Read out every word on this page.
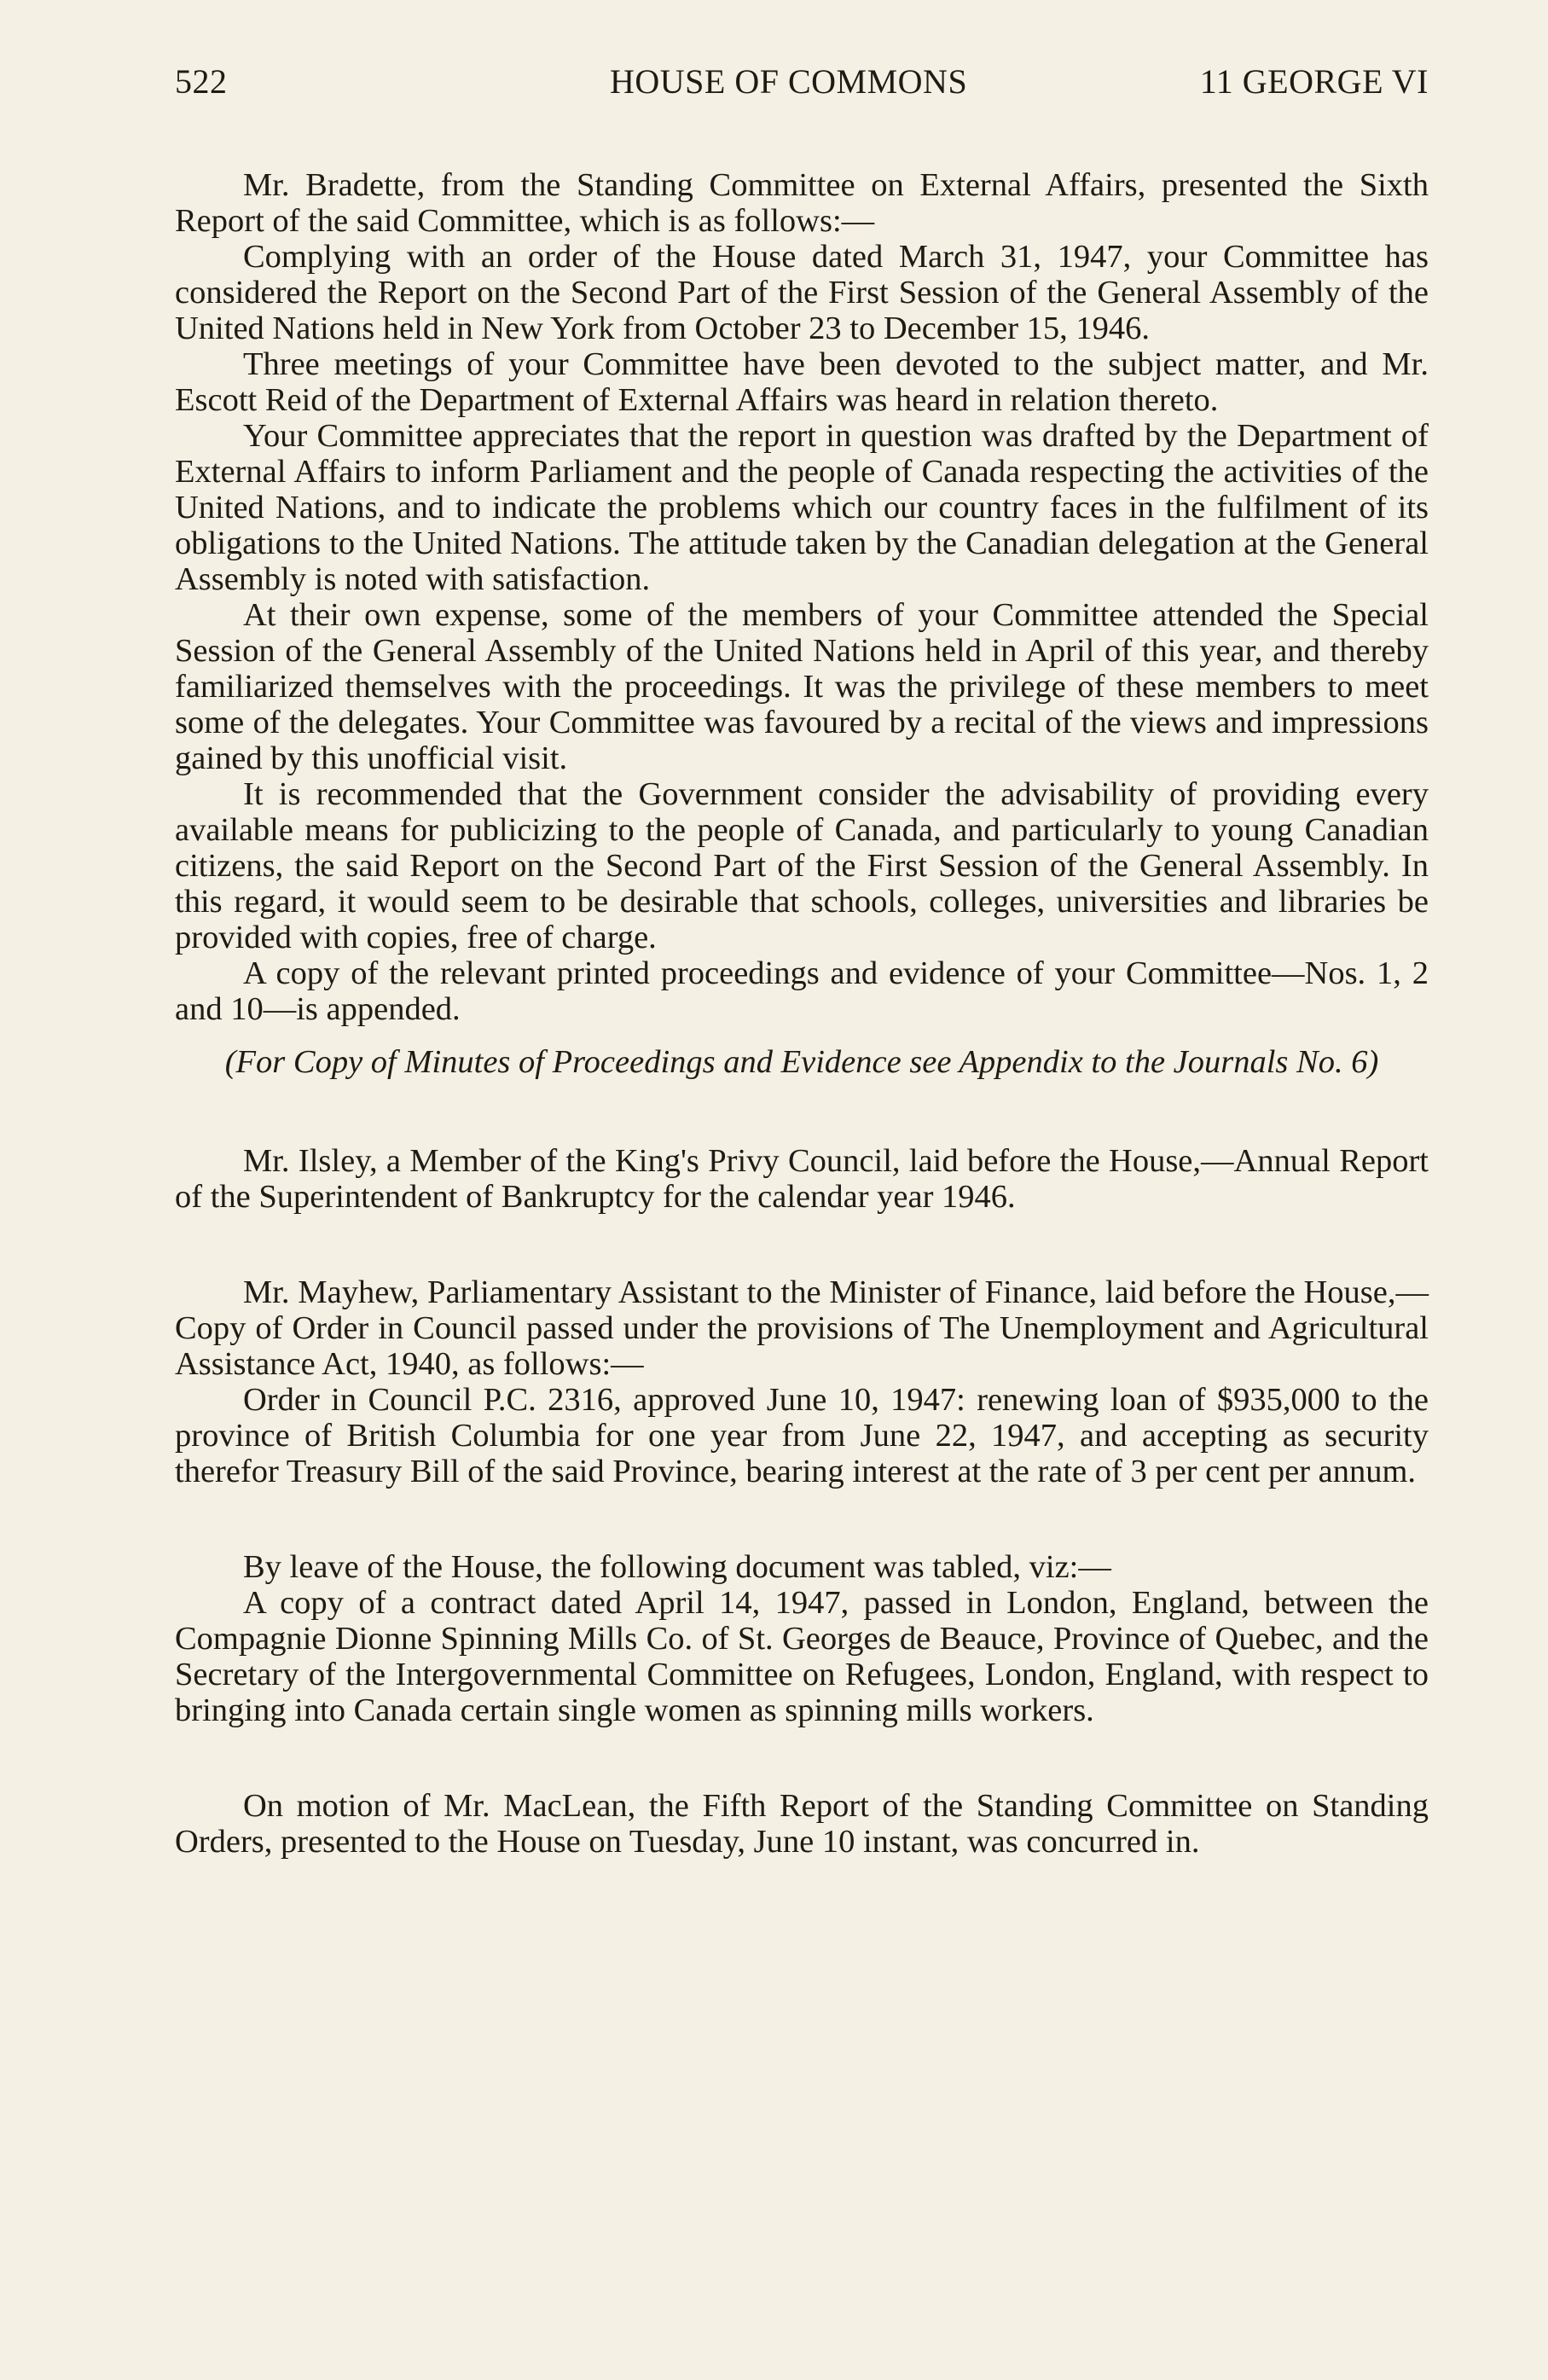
522	HOUSE OF COMMONS	11 GEORGE VI

Mr. Bradette, from the Standing Committee on External Affairs, presented the Sixth Report of the said Committee, which is as follows:—

Complying with an order of the House dated March 31, 1947, your Committee has considered the Report on the Second Part of the First Session of the General Assembly of the United Nations held in New York from October 23 to December 15, 1946.

Three meetings of your Committee have been devoted to the subject matter, and Mr. Escott Reid of the Department of External Affairs was heard in relation thereto.

Your Committee appreciates that the report in question was drafted by the Department of External Affairs to inform Parliament and the people of Canada respecting the activities of the United Nations, and to indicate the problems which our country faces in the fulfilment of its obligations to the United Nations. The attitude taken by the Canadian delegation at the General Assembly is noted with satisfaction.

At their own expense, some of the members of your Committee attended the Special Session of the General Assembly of the United Nations held in April of this year, and thereby familiarized themselves with the proceedings. It was the privilege of these members to meet some of the delegates. Your Committee was favoured by a recital of the views and impressions gained by this unofficial visit.

It is recommended that the Government consider the advisability of providing every available means for publicizing to the people of Canada, and particularly to young Canadian citizens, the said Report on the Second Part of the First Session of the General Assembly. In this regard, it would seem to be desirable that schools, colleges, universities and libraries be provided with copies, free of charge.

A copy of the relevant printed proceedings and evidence of your Committee—Nos. 1, 2 and 10—is appended.

(For Copy of Minutes of Proceedings and Evidence see Appendix to the Journals No. 6)

Mr. Ilsley, a Member of the King's Privy Council, laid before the House,—Annual Report of the Superintendent of Bankruptcy for the calendar year 1946.

Mr. Mayhew, Parliamentary Assistant to the Minister of Finance, laid before the House,—Copy of Order in Council passed under the provisions of The Unemployment and Agricultural Assistance Act, 1940, as follows:—

Order in Council P.C. 2316, approved June 10, 1947: renewing loan of $935,000 to the province of British Columbia for one year from June 22, 1947, and accepting as security therefor Treasury Bill of the said Province, bearing interest at the rate of 3 per cent per annum.

By leave of the House, the following document was tabled, viz:—

A copy of a contract dated April 14, 1947, passed in London, England, between the Compagnie Dionne Spinning Mills Co. of St. Georges de Beauce, Province of Quebec, and the Secretary of the Intergovernmental Committee on Refugees, London, England, with respect to bringing into Canada certain single women as spinning mills workers.

On motion of Mr. MacLean, the Fifth Report of the Standing Committee on Standing Orders, presented to the House on Tuesday, June 10 instant, was concurred in.
